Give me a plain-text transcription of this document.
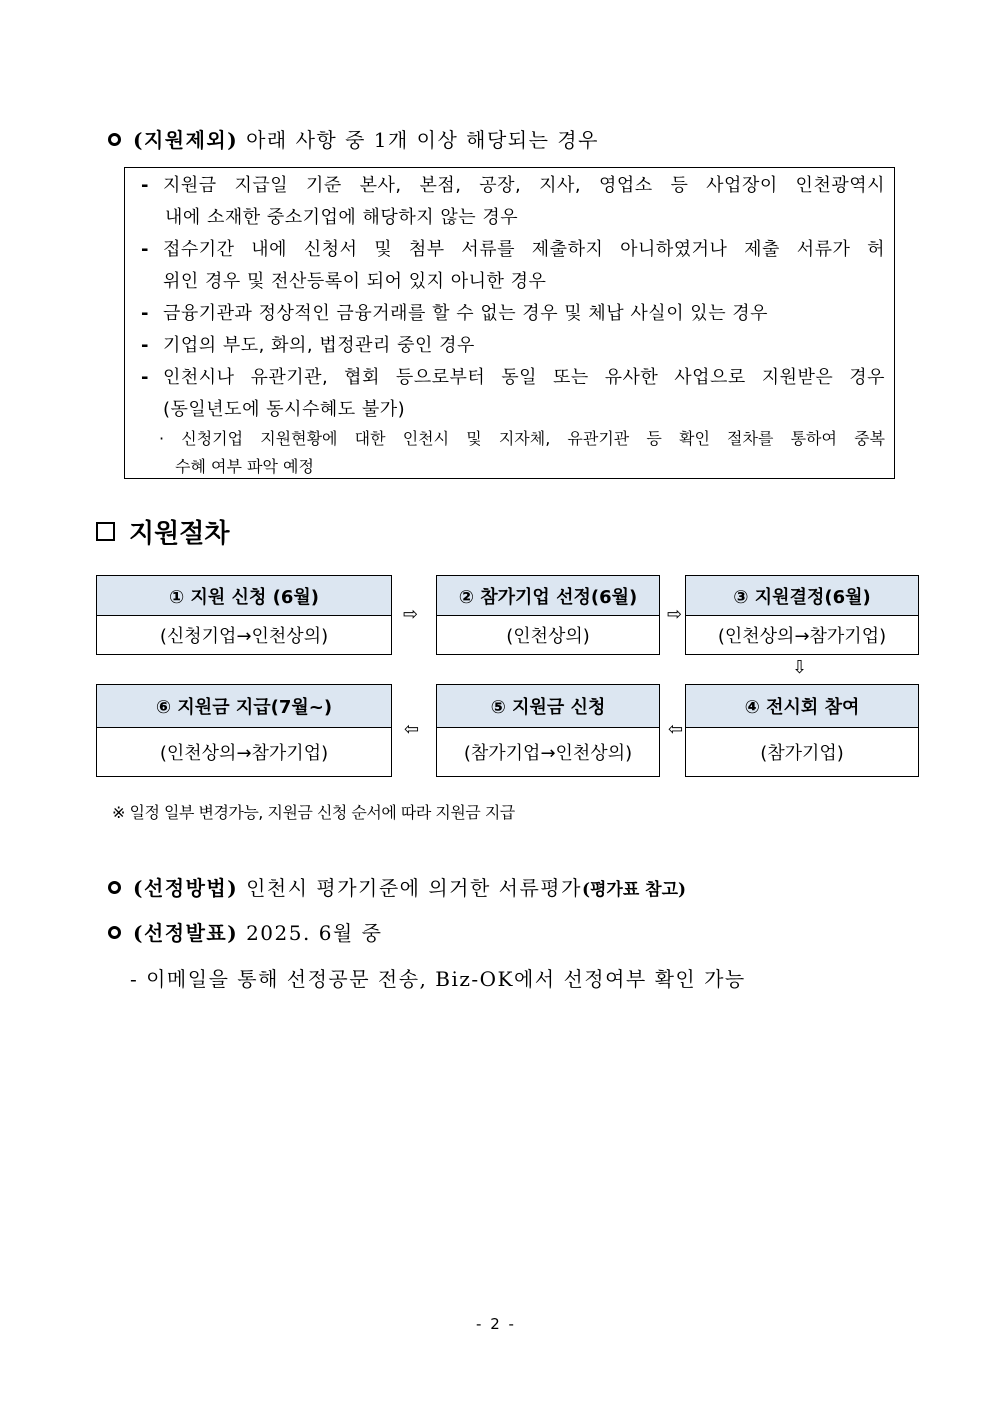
(지원제외) 아래 사항 중 1개 이상 해당되는 경우
- 지원금 지급일 기준 본사, 본점, 공장, 지사, 영업소 등 사업장이 인천광역시
내에 소재한 중소기업에 해당하지 않는 경우
- 접수기간 내에 신청서 및 첨부 서류를 제출하지 아니하였거나 제출 서류가 허
위인 경우 및 전산등록이 되어 있지 아니한 경우
- 금융기관과 정상적인 금융거래를 할 수 없는 경우 및 체납 사실이 있는 경우
- 기업의 부도, 화의, 법정관리 중인 경우
- 인천시나 유관기관, 협회 등으로부터 동일 또는 유사한 사업으로 지원받은 경우
(동일년도에 동시수혜도 불가)
· 신청기업 지원현황에 대한 인천시 및 지자체, 유관기관 등 확인 절차를 통하여 중복
수혜 여부 파악 예정
지원절차
① 지원 신청 (6월)
(신청기업→인천상의)
⇨
② 참가기업 선정(6월)
(인천상의)
⇨
③ 지원결정(6월)
(인천상의→참가기업)
⇩
⑥ 지원금 지급(7월~)
(인천상의→참가기업)
⇦
⑤ 지원금 신청
(참가기업→인천상의)
⇦
④ 전시회 참여
(참가기업)
※ 일정 일부 변경가능, 지원금 신청 순서에 따라 지원금 지급
(선정방법) 인천시 평가기준에 의거한 서류평가(평가표 참고)
(선정발표) 2025. 6월 중
- 이메일을 통해 선정공문 전송, Biz-OK에서 선정여부 확인 가능
- 2 -
